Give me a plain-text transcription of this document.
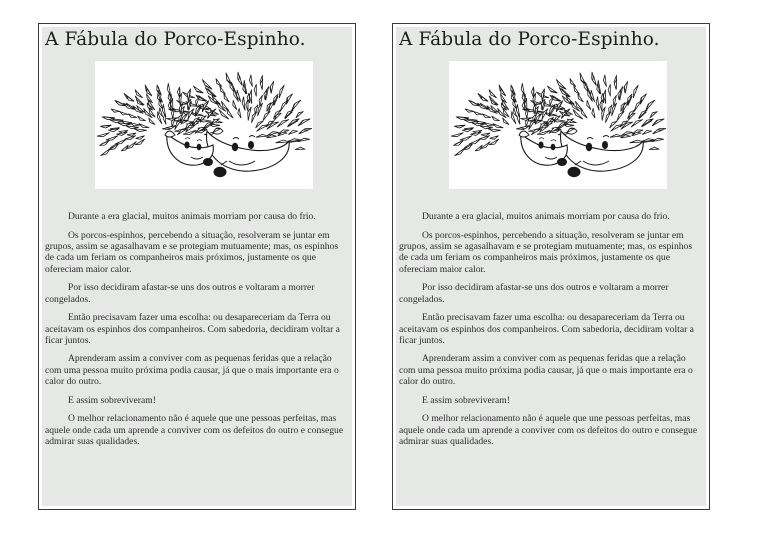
A Fábula do Porco-Espinho.

Durante a era glacial, muitos animais morriam por causa do frio.

Os porcos-espinhos, percebendo a situação, resolveram se juntar em grupos, assim se agasalhavam e se protegiam mutuamente; mas, os espinhos de cada um feriam os companheiros mais próximos, justamente os que ofereciam maior calor.

Por isso decidiram afastar-se uns dos outros e voltaram a morrer congelados.

Então precisavam fazer uma escolha: ou desapareceriam da Terra ou aceitavam os espinhos dos companheiros. Com sabedoria, decidiram voltar a ficar juntos.

Aprenderam assim a conviver com as pequenas feridas que a relação com uma pessoa muito próxima podia causar, já que o mais importante era o calor do outro.

E assim sobreviveram!

O melhor relacionamento não é aquele que une pessoas perfeitas, mas aquele onde cada um aprende a conviver com os defeitos do outro e consegue admirar suas qualidades.

A Fábula do Porco-Espinho.

Durante a era glacial, muitos animais morriam por causa do frio.

Os porcos-espinhos, percebendo a situação, resolveram se juntar em grupos, assim se agasalhavam e se protegiam mutuamente; mas, os espinhos de cada um feriam os companheiros mais próximos, justamente os que ofereciam maior calor.

Por isso decidiram afastar-se uns dos outros e voltaram a morrer congelados.

Então precisavam fazer uma escolha: ou desapareceriam da Terra ou aceitavam os espinhos dos companheiros. Com sabedoria, decidiram voltar a ficar juntos.

Aprenderam assim a conviver com as pequenas feridas que a relação com uma pessoa muito próxima podia causar, já que o mais importante era o calor do outro.

E assim sobreviveram!

O melhor relacionamento não é aquele que une pessoas perfeitas, mas aquele onde cada um aprende a conviver com os defeitos do outro e consegue admirar suas qualidades.
